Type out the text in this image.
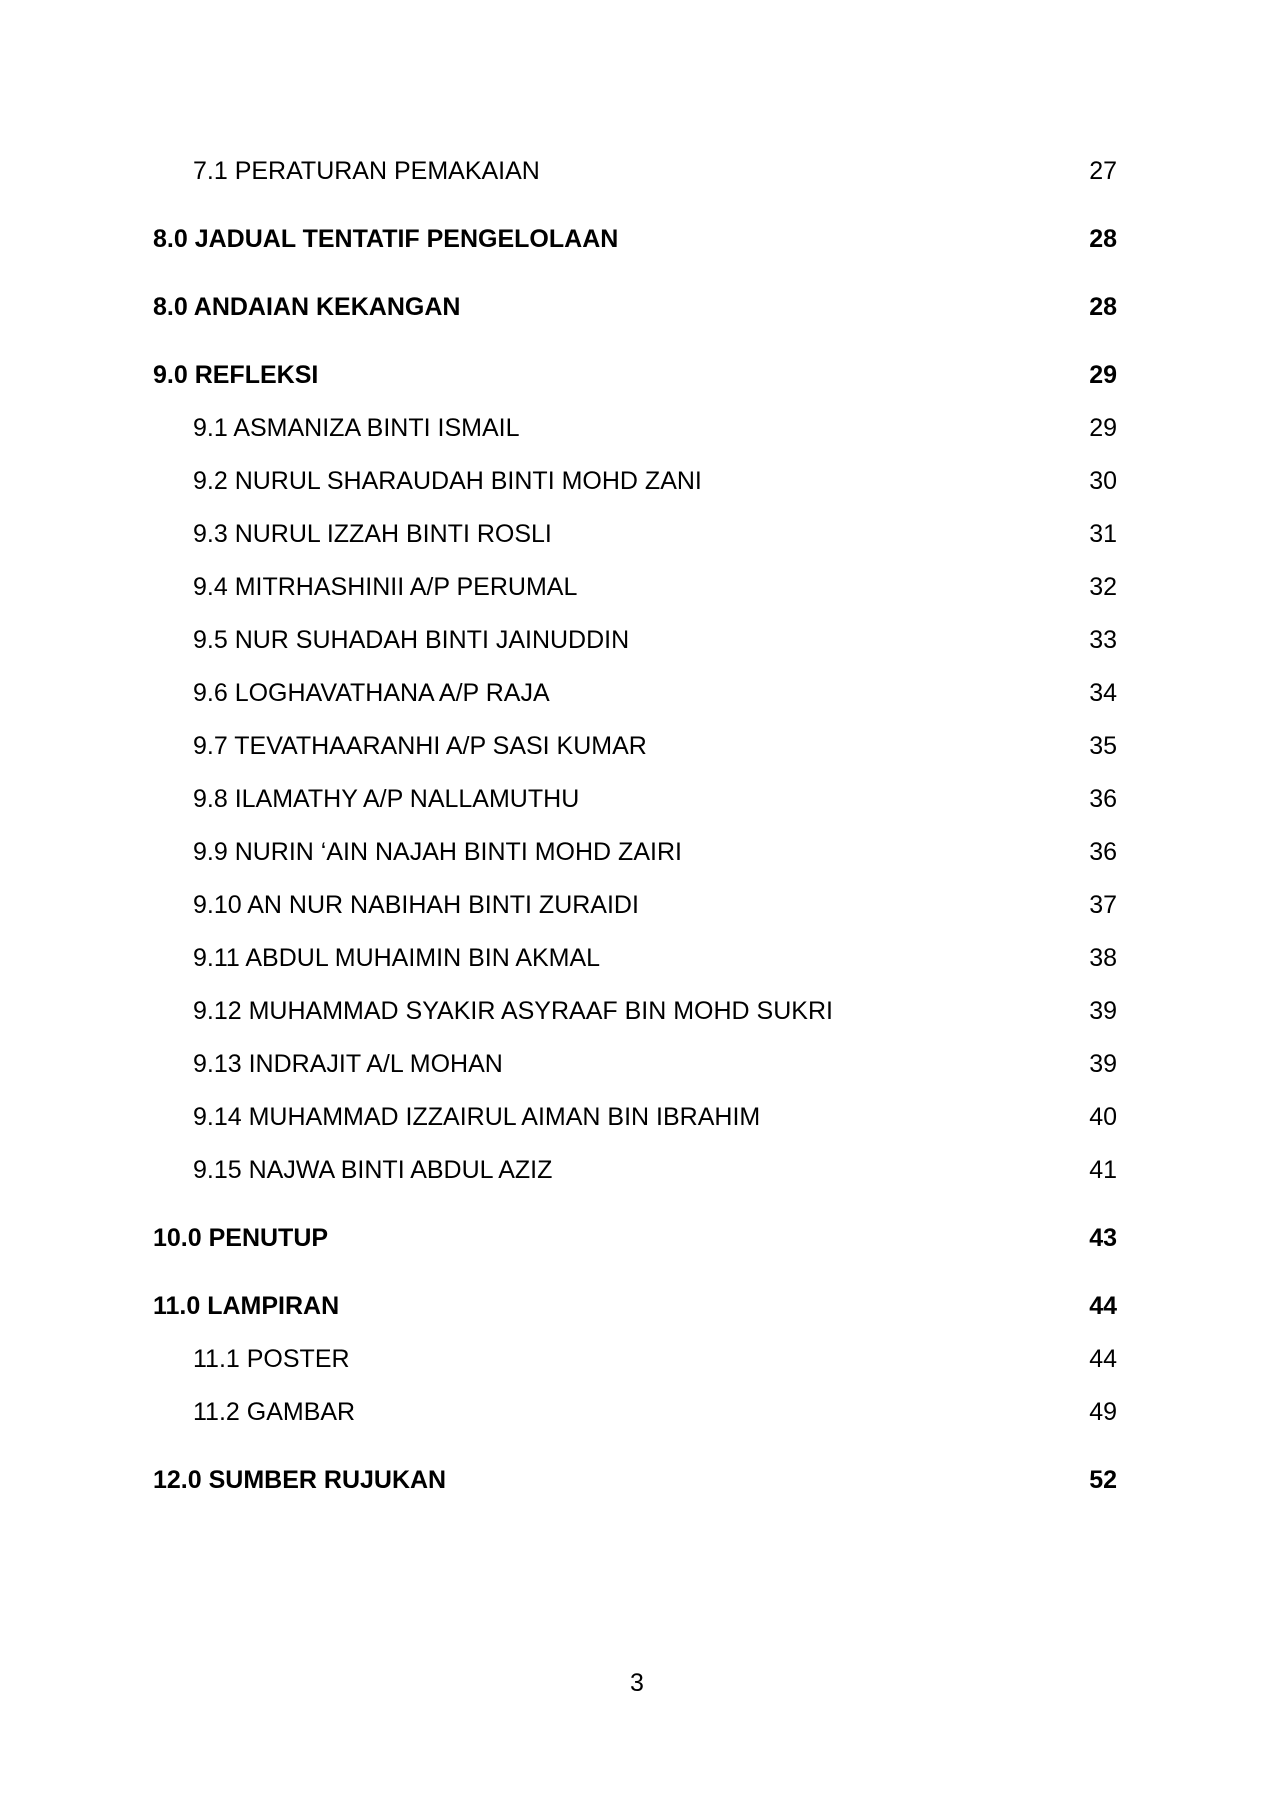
7.1 PERATURAN PEMAKAIAN	27
8.0 JADUAL TENTATIF PENGELOLAAN	28
8.0 ANDAIAN KEKANGAN	28
9.0 REFLEKSI	29
9.1 ASMANIZA BINTI ISMAIL	29
9.2 NURUL SHARAUDAH BINTI MOHD ZANI	30
9.3 NURUL IZZAH BINTI ROSLI	31
9.4 MITRHASHINII A/P PERUMAL	32
9.5 NUR SUHADAH BINTI JAINUDDIN	33
9.6 LOGHAVATHANA A/P RAJA	34
9.7 TEVATHAARANHI A/P SASI KUMAR	35
9.8 ILAMATHY A/P NALLAMUTHU	36
9.9 NURIN ‘AIN NAJAH BINTI MOHD ZAIRI	36
9.10 AN NUR NABIHAH BINTI ZURAIDI	37
9.11 ABDUL MUHAIMIN BIN AKMAL	38
9.12 MUHAMMAD SYAKIR ASYRAAF BIN MOHD SUKRI	39
9.13 INDRAJIT A/L MOHAN	39
9.14 MUHAMMAD IZZAIRUL AIMAN BIN IBRAHIM	40
9.15 NAJWA BINTI ABDUL AZIZ	41
10.0 PENUTUP	43
11.0 LAMPIRAN	44
11.1 POSTER	44
11.2 GAMBAR	49
12.0 SUMBER RUJUKAN	52
3
